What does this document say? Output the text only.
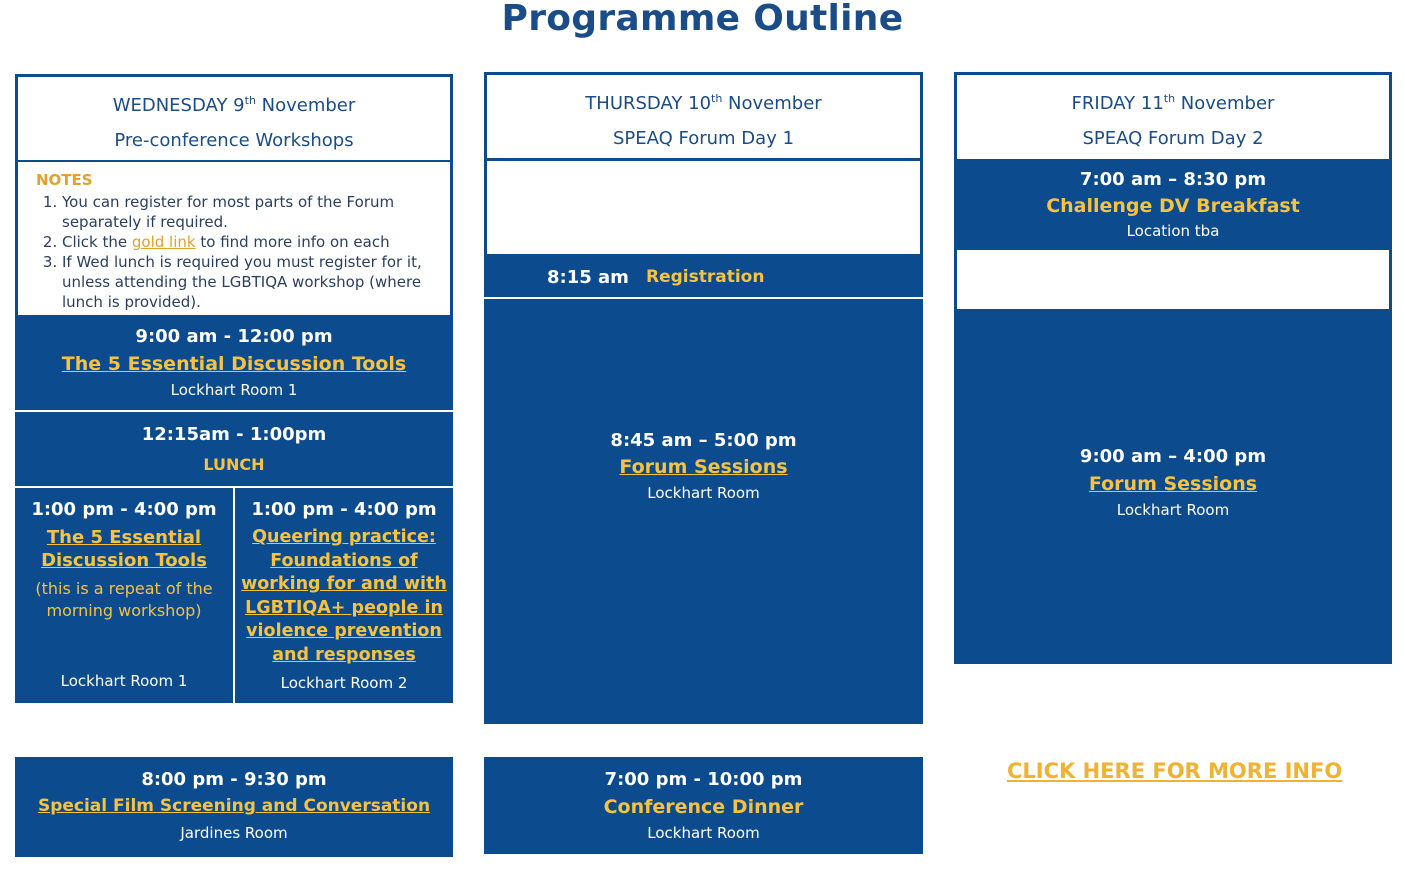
Programme Outline
WEDNESDAY 9th November
Pre-conference Workshops
NOTES
1. You can register for most parts of the Forum separately if required.
2. Click the gold link to find more info on each
3. If Wed lunch is required you must register for it, unless attending the LGBTIQA workshop (where lunch is provided).
9:00 am - 12:00 pm
The 5 Essential Discussion Tools
Lockhart Room 1
12:15am - 1:00pm
LUNCH
1:00 pm - 4:00 pm
The 5 Essential Discussion Tools
(this is a repeat of the morning workshop)
Lockhart Room 1
1:00 pm - 4:00 pm
Queering practice: Foundations of working for and with LGBTIQA+ people in violence prevention and responses
Lockhart Room 2
8:00 pm - 9:30 pm
Special Film Screening and Conversation
Jardines Room
THURSDAY 10th November
SPEAQ Forum Day 1
8:15 am Registration
8:45 am – 5:00 pm
Forum Sessions
Lockhart Room
7:00 pm - 10:00 pm
Conference Dinner
Lockhart Room
FRIDAY 11th November
SPEAQ Forum Day 2
7:00 am – 8:30 pm
Challenge DV Breakfast
Location tba
9:00 am – 4:00 pm
Forum Sessions
Lockhart Room
CLICK HERE FOR MORE INFO
